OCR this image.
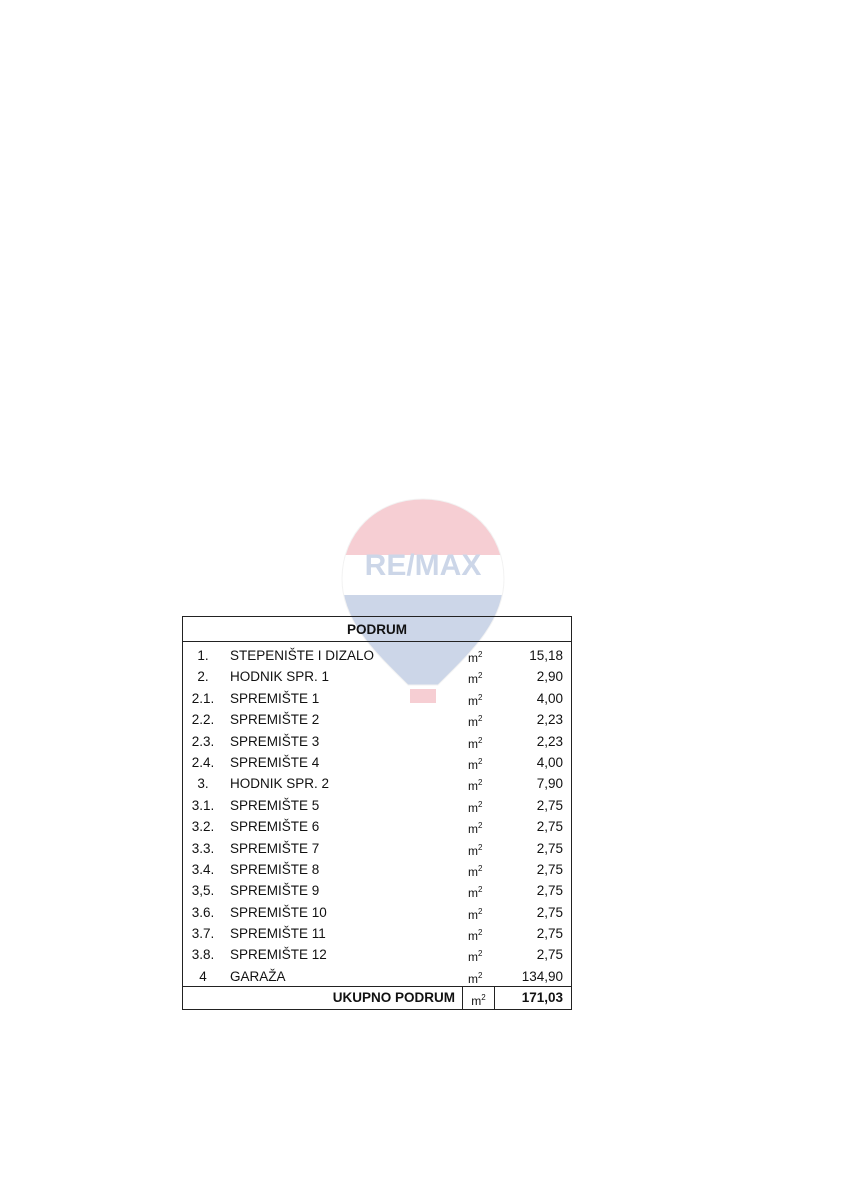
RE/MAX
PODRUM
1.	STEPENIŠTE I DIZALO	$m^2$	15,18
2.	HODNIK SPR. 1	$m^2$	2,90
2.1.	SPREMIŠTE 1	$m^2$	4,00
2.2.	SPREMIŠTE 2	$m^2$	2,23
2.3.	SPREMIŠTE 3	$m^2$	2,23
2.4.	SPREMIŠTE 4	$m^2$	4,00
3.	HODNIK SPR. 2	$m^2$	7,90
3.1.	SPREMIŠTE 5	$m^2$	2,75
3.2.	SPREMIŠTE 6	$m^2$	2,75
3.3.	SPREMIŠTE 7	$m^2$	2,75
3.4.	SPREMIŠTE 8	$m^2$	2,75
3,5.	SPREMIŠTE 9	$m^2$	2,75
3.6.	SPREMIŠTE 10	$m^2$	2,75
3.7.	SPREMIŠTE 11	$m^2$	2,75
3.8.	SPREMIŠTE 12	$m^2$	2,75
4	GARAŽA	$m^2$	134,90
UKUPNO PODRUM	$m^2$	171,03
